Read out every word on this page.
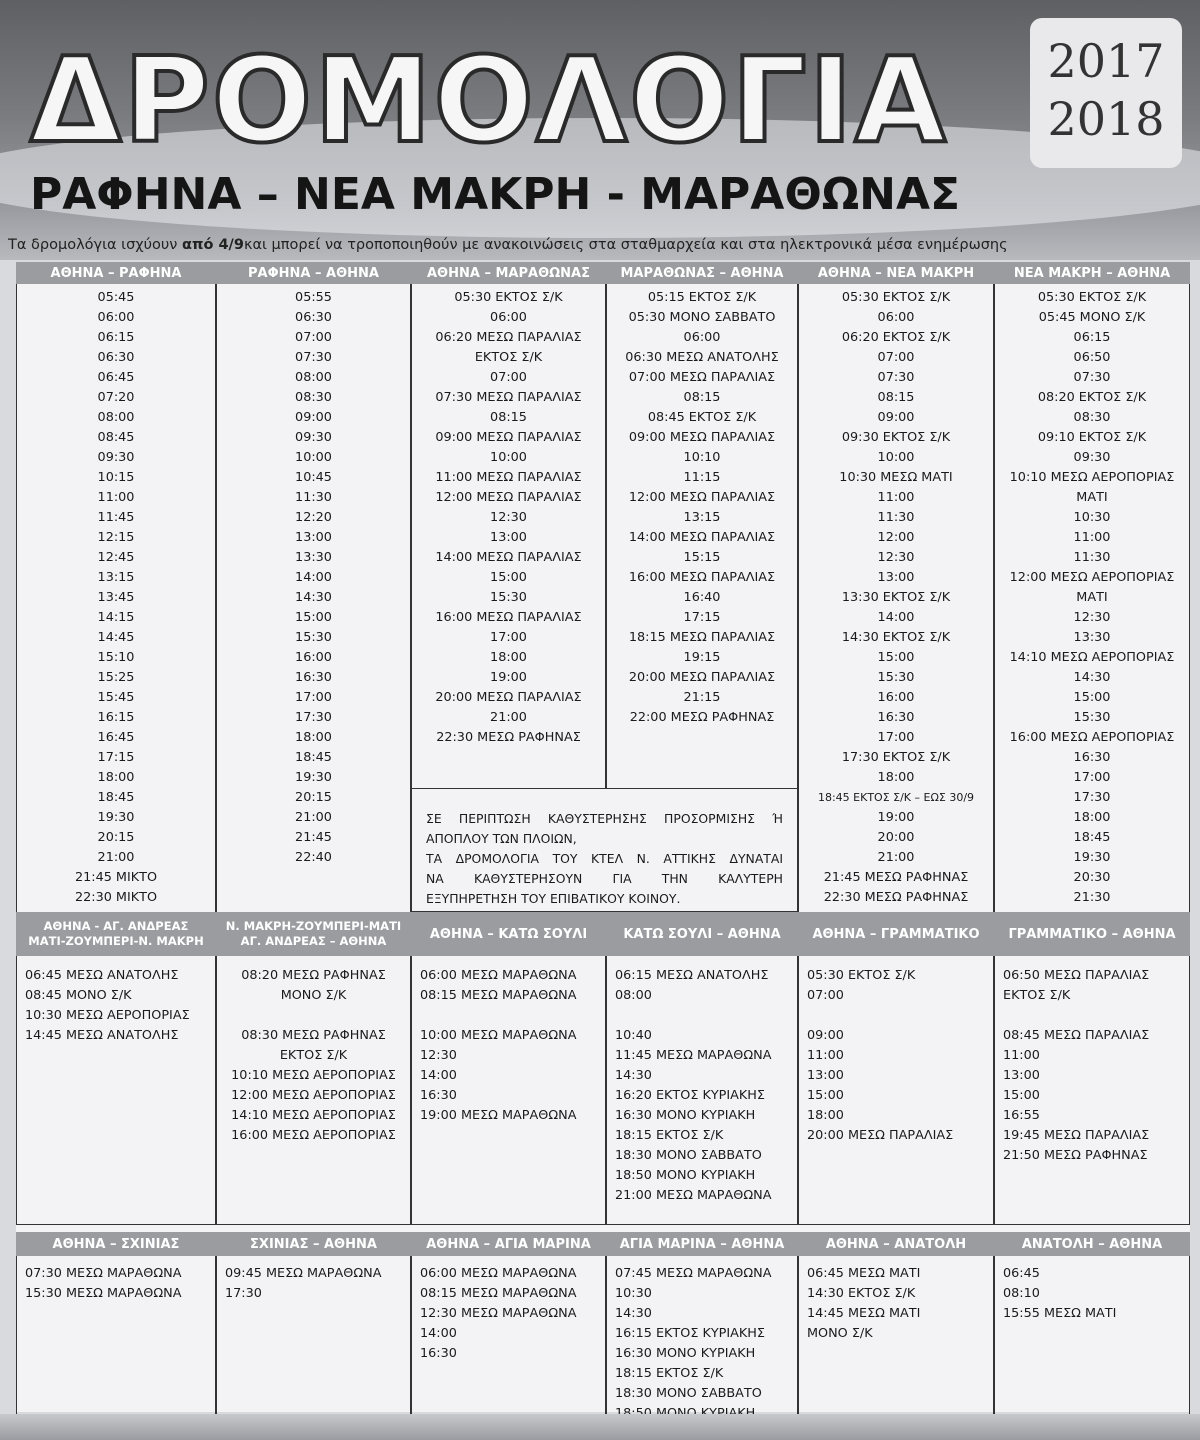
ΔΡΟΜΟΛΟΓΙΑ	2017
2018
ΡΑΦΗΝΑ – ΝΕΑ ΜΑΚΡΗ - ΜΑΡΑΘΩΝΑΣ
Τα δρομολόγια ισχύουν από 4/9και μπορεί να τροποποιηθούν με ανακοινώσεις στα σταθμαρχεία και στα ηλεκτρονικά μέσα ενημέρωσης
ΑΘΗΝΑ – ΡΑΦΗΝΑ
05:45
06:00
06:15
06:30
06:45
07:20
08:00
08:45
09:30
10:15
11:00
11:45
12:15
12:45
13:15
13:45
14:15
14:45
15:10
15:25
15:45
16:15
16:45
17:15
18:00
18:45
19:30
20:15
21:00
21:45 ΜΙΚΤΟ
22:30 ΜΙΚΤΟ
ΡΑΦΗΝΑ – ΑΘΗΝΑ
05:55
06:30
07:00
07:30
08:00
08:30
09:00
09:30
10:00
10:45
11:30
12:20
13:00
13:30
14:00
14:30
15:00
15:30
16:00
16:30
17:00
17:30
18:00
18:45
19:30
20:15
21:00
21:45
22:40
ΑΘΗΝΑ – ΜΑΡΑΘΩΝΑΣ
05:30 ΕΚΤΟΣ Σ/Κ
06:00
06:20 ΜΕΣΩ ΠΑΡΑΛΙΑΣ
ΕΚΤΟΣ Σ/Κ
07:00
07:30 ΜΕΣΩ ΠΑΡΑΛΙΑΣ
08:15
09:00 ΜΕΣΩ ΠΑΡΑΛΙΑΣ
10:00
11:00 ΜΕΣΩ ΠΑΡΑΛΙΑΣ
12:00 ΜΕΣΩ ΠΑΡΑΛΙΑΣ
12:30
13:00
14:00 ΜΕΣΩ ΠΑΡΑΛΙΑΣ
15:00
15:30
16:00 ΜΕΣΩ ΠΑΡΑΛΙΑΣ
17:00
18:00
19:00
20:00 ΜΕΣΩ ΠΑΡΑΛΙΑΣ
21:00
22:30 ΜΕΣΩ ΡΑΦΗΝΑΣ
ΜΑΡΑΘΩΝΑΣ – ΑΘΗΝΑ
05:15 ΕΚΤΟΣ Σ/Κ
05:30 ΜΟΝΟ ΣΑΒΒΑΤΟ
06:00
06:30 ΜΕΣΩ ΑΝΑΤΟΛΗΣ
07:00 ΜΕΣΩ ΠΑΡΑΛΙΑΣ
08:15
08:45 ΕΚΤΟΣ Σ/Κ
09:00 ΜΕΣΩ ΠΑΡΑΛΙΑΣ
10:10
11:15
12:00 ΜΕΣΩ ΠΑΡΑΛΙΑΣ
13:15
14:00 ΜΕΣΩ ΠΑΡΑΛΙΑΣ
15:15
16:00 ΜΕΣΩ ΠΑΡΑΛΙΑΣ
16:40
17:15
18:15 ΜΕΣΩ ΠΑΡΑΛΙΑΣ
19:15
20:00 ΜΕΣΩ ΠΑΡΑΛΙΑΣ
21:15
22:00 ΜΕΣΩ ΡΑΦΗΝΑΣ
ΑΘΗΝΑ – ΝΕΑ ΜΑΚΡΗ
05:30 ΕΚΤΟΣ Σ/Κ
06:00
06:20 ΕΚΤΟΣ Σ/Κ
07:00
07:30
08:15
09:00
09:30 ΕΚΤΟΣ Σ/Κ
10:00
10:30 ΜΕΣΩ ΜΑΤΙ
11:00
11:30
12:00
12:30
13:00
13:30 ΕΚΤΟΣ Σ/Κ
14:00
14:30 ΕΚΤΟΣ Σ/Κ
15:00
15:30
16:00
16:30
17:00
17:30 ΕΚΤΟΣ Σ/Κ
18:00
18:45 ΕΚΤΟΣ Σ/Κ – ΕΩΣ 30/9
19:00
20:00
21:00
21:45 ΜΕΣΩ ΡΑΦΗΝΑΣ
22:30 ΜΕΣΩ ΡΑΦΗΝΑΣ
ΝΕΑ ΜΑΚΡΗ – ΑΘΗΝΑ
05:30 ΕΚΤΟΣ Σ/Κ
05:45 ΜΟΝΟ Σ/Κ
06:15
06:50
07:30
08:20 ΕΚΤΟΣ Σ/Κ
08:30
09:10 ΕΚΤΟΣ Σ/Κ
09:30
10:10 ΜΕΣΩ ΑΕΡΟΠΟΡΙΑΣ
ΜΑΤΙ
10:30
11:00
11:30
12:00 ΜΕΣΩ ΑΕΡΟΠΟΡΙΑΣ
ΜΑΤΙ
12:30
13:30
14:10 ΜΕΣΩ ΑΕΡΟΠΟΡΙΑΣ
14:30
15:00
15:30
16:00 ΜΕΣΩ ΑΕΡΟΠΟΡΙΑΣ
16:30
17:00
17:30
18:00
18:45
19:30
20:30
21:30
ΑΘΗΝΑ - ΑΓ. ΑΝΔΡΕΑΣ
ΜΑΤΙ-ΖΟΥΜΠΕΡΙ-Ν. ΜΑΚΡΗ
06:45 ΜΕΣΩ ΑΝΑΤΟΛΗΣ
08:45 ΜΟΝΟ Σ/Κ
10:30 ΜΕΣΩ ΑΕΡΟΠΟΡΙΑΣ
14:45 ΜΕΣΩ ΑΝΑΤΟΛΗΣ
Ν. ΜΑΚΡΗ-ΖΟΥΜΠΕΡΙ-ΜΑΤΙ
ΑΓ. ΑΝΔΡΕΑΣ – ΑΘΗΝΑ
08:20 ΜΕΣΩ ΡΑΦΗΝΑΣ
ΜΟΝΟ Σ/Κ
08:30 ΜΕΣΩ ΡΑΦΗΝΑΣ
ΕΚΤΟΣ Σ/Κ
10:10 ΜΕΣΩ ΑΕΡΟΠΟΡΙΑΣ
12:00 ΜΕΣΩ ΑΕΡΟΠΟΡΙΑΣ
14:10 ΜΕΣΩ ΑΕΡΟΠΟΡΙΑΣ
16:00 ΜΕΣΩ ΑΕΡΟΠΟΡΙΑΣ
ΑΘΗΝΑ – ΚΑΤΩ ΣΟΥΛΙ
06:00 ΜΕΣΩ ΜΑΡΑΘΩΝΑ
08:15 ΜΕΣΩ ΜΑΡΑΘΩΝΑ
10:00 ΜΕΣΩ ΜΑΡΑΘΩΝΑ
12:30
14:00
16:30
19:00 ΜΕΣΩ ΜΑΡΑΘΩΝΑ
ΚΑΤΩ ΣΟΥΛΙ – ΑΘΗΝΑ
06:15 ΜΕΣΩ ΑΝΑΤΟΛΗΣ
08:00
10:40
11:45 ΜΕΣΩ ΜΑΡΑΘΩΝΑ
14:30
16:20 ΕΚΤΟΣ ΚΥΡΙΑΚΗΣ
16:30 ΜΟΝΟ ΚΥΡΙΑΚΗ
18:15 ΕΚΤΟΣ Σ/Κ
18:30 ΜΟΝΟ ΣΑΒΒΑΤΟ
18:50 ΜΟΝΟ ΚΥΡΙΑΚΗ
21:00 ΜΕΣΩ ΜΑΡΑΘΩΝΑ
ΑΘΗΝΑ – ΓΡΑΜΜΑΤΙΚΟ
05:30 ΕΚΤΟΣ Σ/Κ
07:00
09:00
11:00
13:00
15:00
18:00
20:00 ΜΕΣΩ ΠΑΡΑΛΙΑΣ
ΓΡΑΜΜΑΤΙΚΟ – ΑΘΗΝΑ
06:50 ΜΕΣΩ ΠΑΡΑΛΙΑΣ
ΕΚΤΟΣ Σ/Κ
08:45 ΜΕΣΩ ΠΑΡΑΛΙΑΣ
11:00
13:00
15:00
16:55
19:45 ΜΕΣΩ ΠΑΡΑΛΙΑΣ
21:50 ΜΕΣΩ ΡΑΦΗΝΑΣ
ΑΘΗΝΑ – ΣΧΙΝΙΑΣ
07:30 ΜΕΣΩ ΜΑΡΑΘΩΝΑ
15:30 ΜΕΣΩ ΜΑΡΑΘΩΝΑ
ΣΧΙΝΙΑΣ – ΑΘΗΝΑ
09:45 ΜΕΣΩ ΜΑΡΑΘΩΝΑ
17:30
ΑΘΗΝΑ – ΑΓΙΑ ΜΑΡΙΝΑ
06:00 ΜΕΣΩ ΜΑΡΑΘΩΝΑ
08:15 ΜΕΣΩ ΜΑΡΑΘΩΝΑ
12:30 ΜΕΣΩ ΜΑΡΑΘΩΝΑ
14:00
16:30
ΑΓΙΑ ΜΑΡΙΝΑ – ΑΘΗΝΑ
07:45 ΜΕΣΩ ΜΑΡΑΘΩΝΑ
10:30
14:30
16:15 ΕΚΤΟΣ ΚΥΡΙΑΚΗΣ
16:30 ΜΟΝΟ ΚΥΡΙΑΚΗ
18:15 ΕΚΤΟΣ Σ/Κ
18:30 ΜΟΝΟ ΣΑΒΒΑΤΟ
ΑΘΗΝΑ – ΑΝΑΤΟΛΗ
06:45 ΜΕΣΩ ΜΑΤΙ
14:30 ΕΚΤΟΣ Σ/Κ
14:45 ΜΕΣΩ ΜΑΤΙ
ΜΟΝΟ Σ/Κ
ΑΝΑΤΟΛΗ – ΑΘΗΝΑ
06:45
08:10
15:55 ΜΕΣΩ ΜΑΤΙ
ΣΕ ΠΕΡΙΠΤΩΣΗ ΚΑΘΥΣΤΕΡΗΣΗΣ ΠΡΟΣΟΡΜΙΣΗΣ Ή
ΑΠΟΠΛΟΥ ΤΩΝ ΠΛΟΙΩΝ,
ΤΑ ΔΡΟΜΟΛΟΓΙΑ ΤΟΥ ΚΤΕΛ Ν. ΑΤΤΙΚΗΣ ΔΥΝΑΤΑΙ
ΝΑ ΚΑΘΥΣΤΕΡΗΣΟΥΝ ΓΙΑ ΤΗΝ ΚΑΛΥΤΕΡΗ
ΕΞΥΠΗΡΕΤΗΣΗ ΤΟΥ ΕΠΙΒΑΤΙΚΟΥ ΚΟΙΝΟΥ.
